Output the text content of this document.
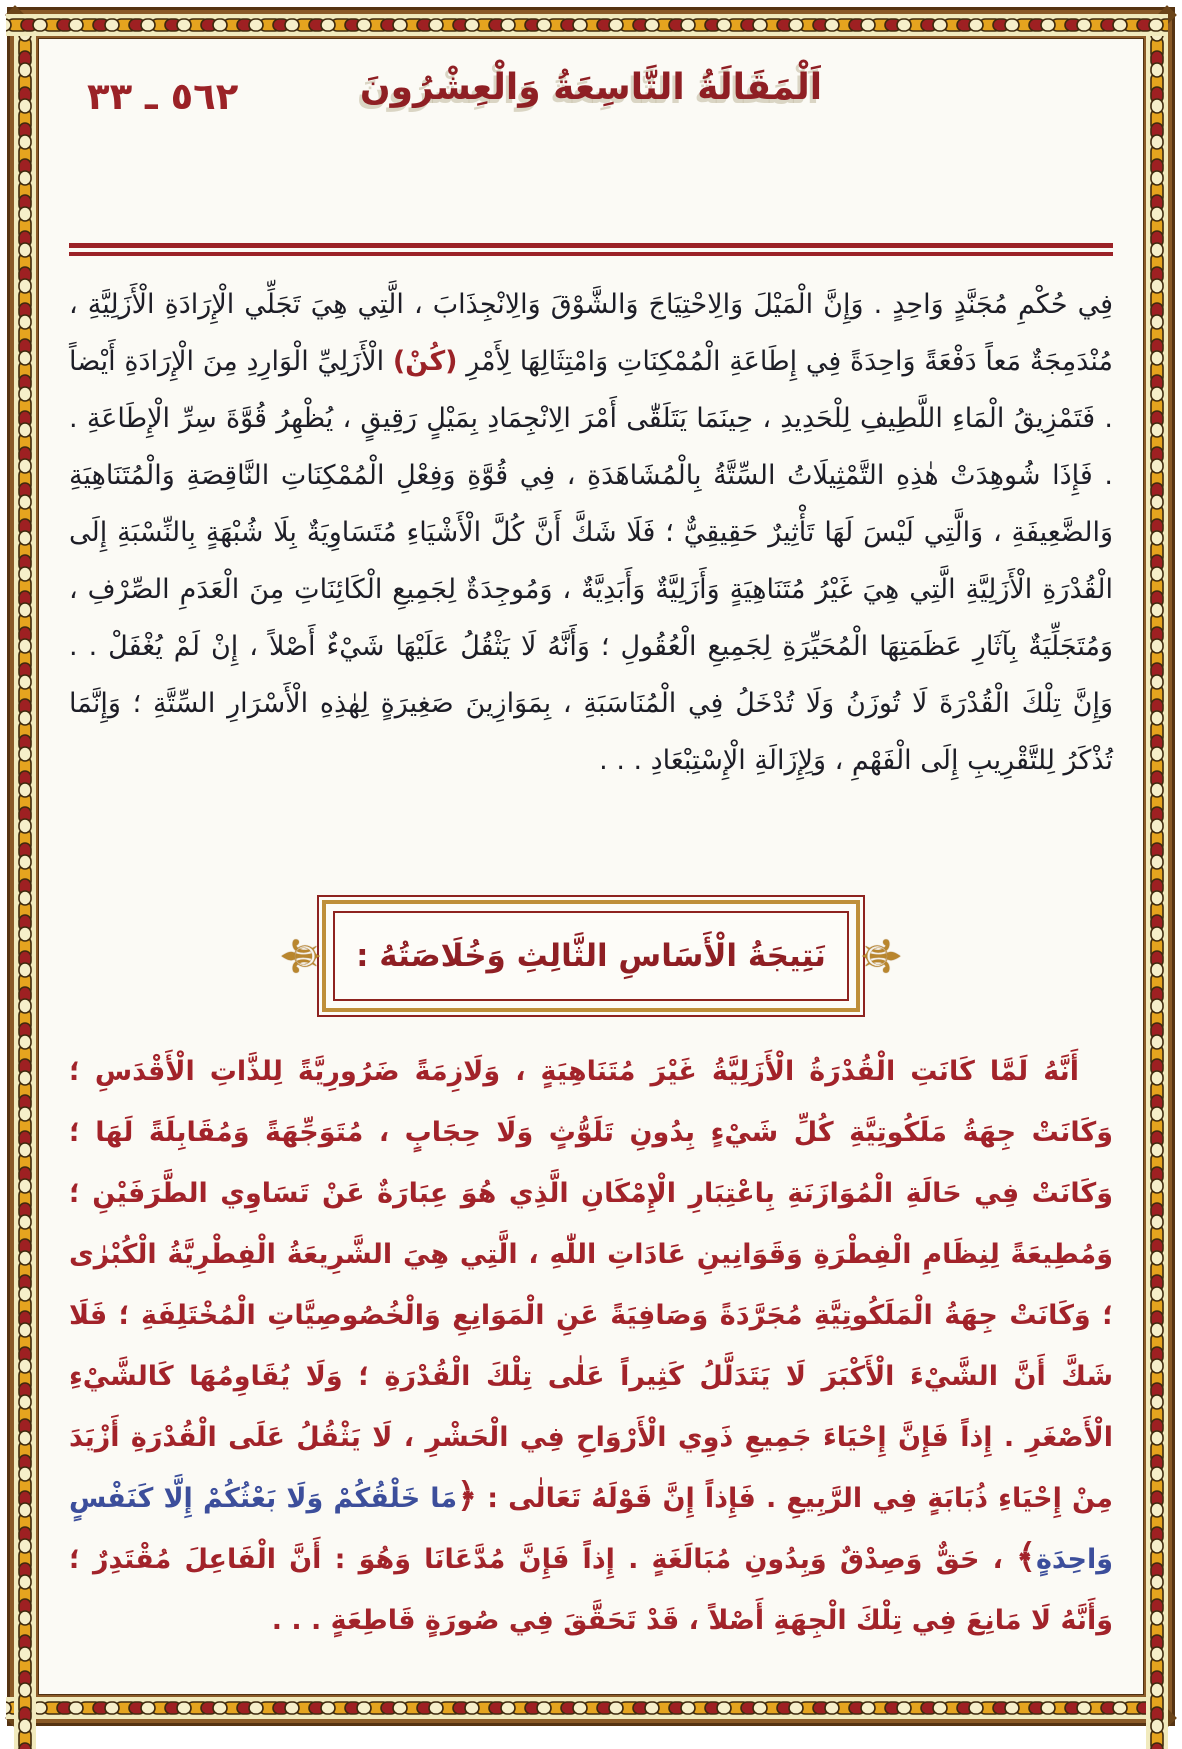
٥٦٢ ـ ٣٣	اَلْمَقَالَةُ التَّاسِعَةُ وَالْعِشْرُونَ

فِي حُكْمِ مُجَنَّدٍ وَاحِدٍ . وَإِنَّ الْمَيْلَ وَالِاحْتِيَاجَ وَالشَّوْقَ وَالِانْجِذَابَ ، الَّتِي هِيَ تَجَلِّي الْإِرَادَةِ الْأَزَلِيَّةِ ، مُنْدَمِجَةٌ مَعاً دَفْعَةً وَاحِدَةً فِي إِطَاعَةِ الْمُمْكِنَاتِ وَامْتِثَالِهَا لِأَمْرِ (كُنْ) الْأَزَلِيِّ الْوَارِدِ مِنَ الْإِرَادَةِ أَيْضاً . فَتَمْزِيقُ الْمَاءِ اللَّطِيفِ لِلْحَدِيدِ ، حِينَمَا يَتَلَقّٰى أَمْرَ الِانْجِمَادِ بِمَيْلٍ رَقِيقٍ ، يُظْهِرُ قُوَّةَ سِرِّ الْإِطَاعَةِ . . فَإِذَا شُوهِدَتْ هٰذِهِ التَّمْثِيلَاتُ السِّتَّةُ بِالْمُشَاهَدَةِ ، فِي قُوَّةِ وَفِعْلِ الْمُمْكِنَاتِ النَّاقِصَةِ وَالْمُتَنَاهِيَةِ وَالضَّعِيفَةِ ، وَالَّتِي لَيْسَ لَهَا تَأْثِيرٌ حَقِيقِيٌّ ؛ فَلَا شَكَّ أَنَّ كُلَّ الْأَشْيَاءِ مُتَسَاوِيَةٌ بِلَا شُبْهَةٍ بِالنِّسْبَةِ إِلَى الْقُدْرَةِ الْأَزَلِيَّةِ الَّتِي هِيَ غَيْرُ مُتَنَاهِيَةٍ وَأَزَلِيَّةٌ وَأَبَدِيَّةٌ ، وَمُوجِدَةٌ لِجَمِيعِ الْكَائِنَاتِ مِنَ الْعَدَمِ الصِّرْفِ ، وَمُتَجَلِّيَةٌ بِآثَارِ عَظَمَتِهَا الْمُحَيِّرَةِ لِجَمِيعِ الْعُقُولِ ؛ وَأَنَّهُ لَا يَثْقُلُ عَلَيْهَا شَيْءٌ أَصْلاً ، إِنْ لَمْ يُغْفَلْ . . وَإِنَّ تِلْكَ الْقُدْرَةَ لَا تُوزَنُ وَلَا تُدْخَلُ فِي الْمُنَاسَبَةِ ، بِمَوَازِينَ صَغِيرَةٍ لِهٰذِهِ الْأَسْرَارِ السِّتَّةِ ؛ وَإِنَّمَا تُذْكَرُ لِلتَّقْرِيبِ إِلَى الْفَهْمِ ، وَلِإِزَالَةِ الْإِسْتِبْعَادِ . . .

⚜	⚜
نَتِيجَةُ الْأَسَاسِ الثَّالِثِ وَخُلَاصَتُهُ :

أَنَّهُ لَمَّا كَانَتِ الْقُدْرَةُ الْأَزَلِيَّةُ غَيْرَ مُتَنَاهِيَةٍ ، وَلَازِمَةً ضَرُورِيَّةً لِلذَّاتِ الْأَقْدَسِ ؛ وَكَانَتْ جِهَةُ مَلَكُوتِيَّةِ كُلِّ شَيْءٍ بِدُونِ تَلَوُّثٍ وَلَا حِجَابٍ ، مُتَوَجِّهَةً وَمُقَابِلَةً لَهَا ؛ وَكَانَتْ فِي حَالَةِ الْمُوَازَنَةِ بِاعْتِبَارِ الْإِمْكَانِ الَّذِي هُوَ عِبَارَةٌ عَنْ تَسَاوِي الطَّرَفَيْنِ ؛ وَمُطِيعَةً لِنِظَامِ الْفِطْرَةِ وَقَوَانِينِ عَادَاتِ اللّٰهِ ، الَّتِي هِيَ الشَّرِيعَةُ الْفِطْرِيَّةُ الْكُبْرٰى ؛ وَكَانَتْ جِهَةُ الْمَلَكُوتِيَّةِ مُجَرَّدَةً وَصَافِيَةً عَنِ الْمَوَانِعِ وَالْخُصُوصِيَّاتِ الْمُخْتَلِفَةِ ؛ فَلَا شَكَّ أَنَّ الشَّيْءَ الْأَكْبَرَ لَا يَتَدَلَّلُ كَثِيراً عَلٰى تِلْكَ الْقُدْرَةِ ؛ وَلَا يُقَاوِمُهَا كَالشَّيْءِ الْأَصْغَرِ . إِذاً فَإِنَّ إِحْيَاءَ جَمِيعِ ذَوِي الْأَرْوَاحِ فِي الْحَشْرِ ، لَا يَثْقُلُ عَلَى الْقُدْرَةِ أَزْيَدَ مِنْ إِحْيَاءِ ذُبَابَةٍ فِي الرَّبِيعِ . فَإِذاً إِنَّ قَوْلَهُ تَعَالٰى : ﴿مَا خَلْقُكُمْ وَلَا بَعْثُكُمْ إِلَّا كَنَفْسٍ وَاحِدَةٍ﴾ ، حَقٌّ وَصِدْقٌ وَبِدُونِ مُبَالَغَةٍ . إِذاً فَإِنَّ مُدَّعَانَا وَهُوَ : أَنَّ الْفَاعِلَ مُقْتَدِرٌ ؛ وَأَنَّهُ لَا مَانِعَ فِي تِلْكَ الْجِهَةِ أَصْلاً ، قَدْ تَحَقَّقَ فِي صُورَةٍ قَاطِعَةٍ . . .
